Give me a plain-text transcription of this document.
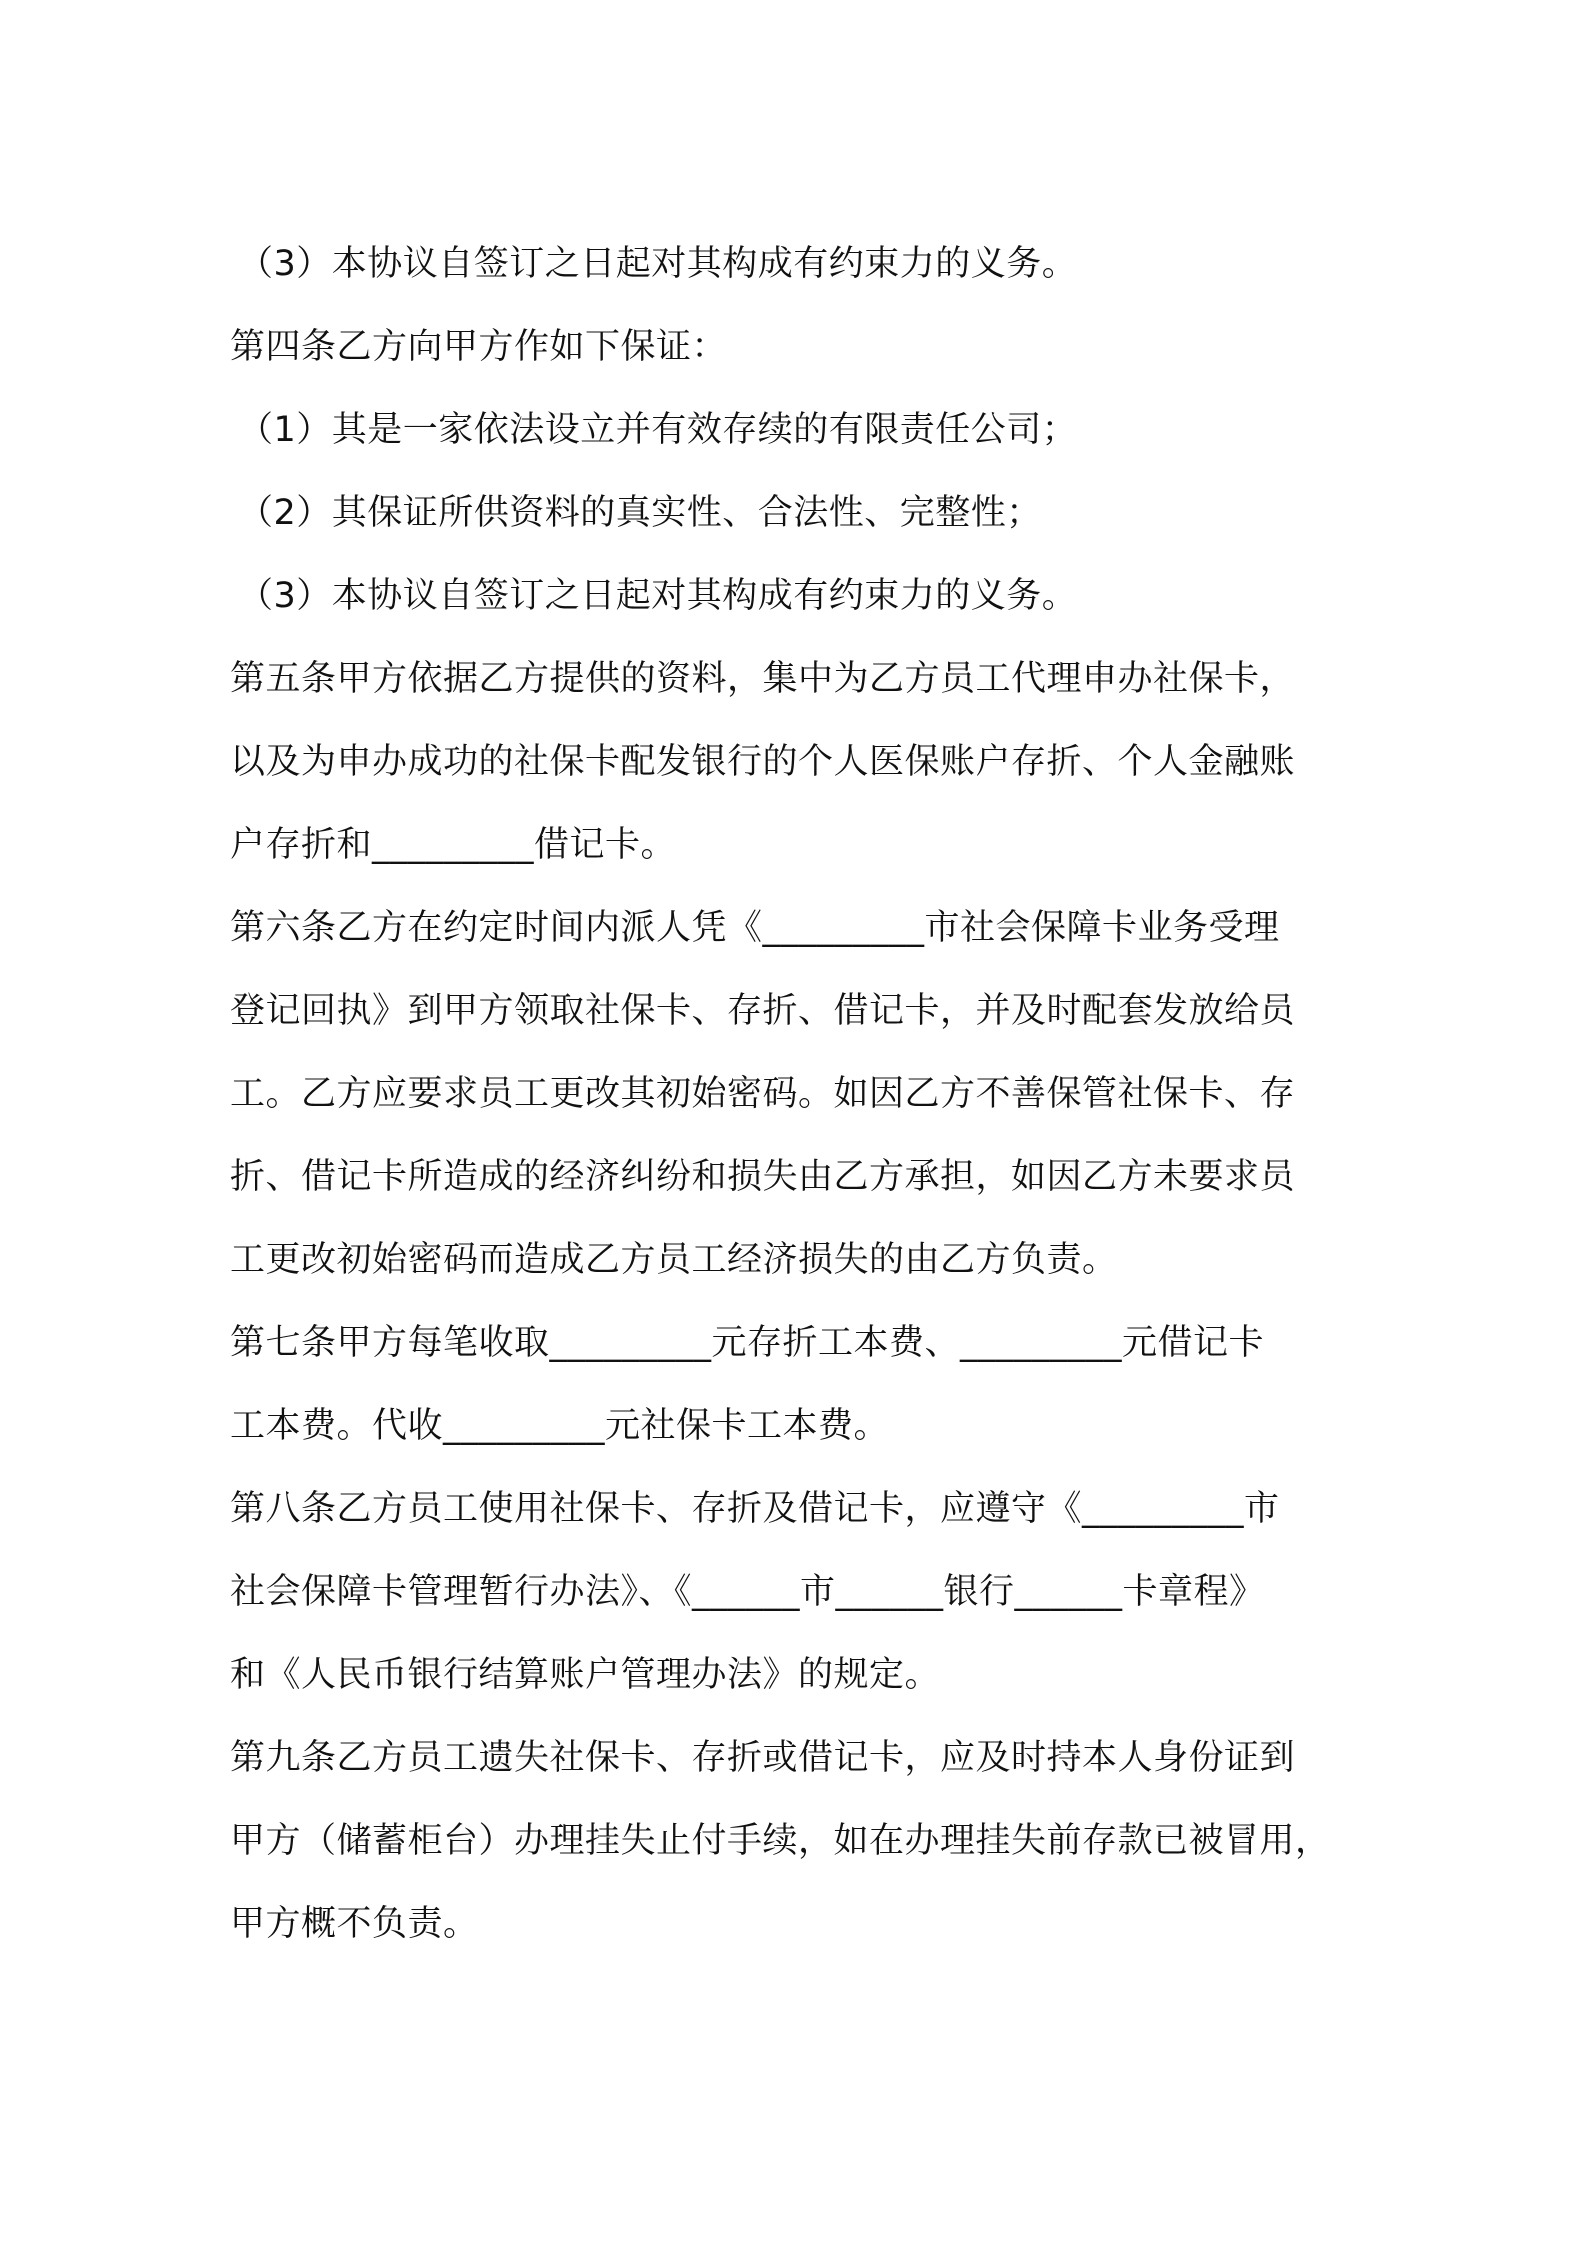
（3）本协议自签订之日起对其构成有约束力的义务。
第四条乙方向甲方作如下保证：
（1）其是一家依法设立并有效存续的有限责任公司；
（2）其保证所供资料的真实性、合法性、完整性；
（3）本协议自签订之日起对其构成有约束力的义务。
第五条甲方依据乙方提供的资料，集中为乙方员工代理申办社保卡，
以及为申办成功的社保卡配发银行的个人医保账户存折、个人金融账
户存折和_________借记卡。
第六条乙方在约定时间内派人凭《_________市社会保障卡业务受理
登记回执》到甲方领取社保卡、存折、借记卡，并及时配套发放给员
工。乙方应要求员工更改其初始密码。如因乙方不善保管社保卡、存
折、借记卡所造成的经济纠纷和损失由乙方承担，如因乙方未要求员
工更改初始密码而造成乙方员工经济损失的由乙方负责。
第七条甲方每笔收取_________元存折工本费、_________元借记卡
工本费。代收_________元社保卡工本费。
第八条乙方员工使用社保卡、存折及借记卡，应遵守《_________市
社会保障卡管理暂行办法》、《______市______银行______卡章程》
和《人民币银行结算账户管理办法》的规定。
第九条乙方员工遗失社保卡、存折或借记卡，应及时持本人身份证到
甲方（储蓄柜台）办理挂失止付手续，如在办理挂失前存款已被冒用，
甲方概不负责。
